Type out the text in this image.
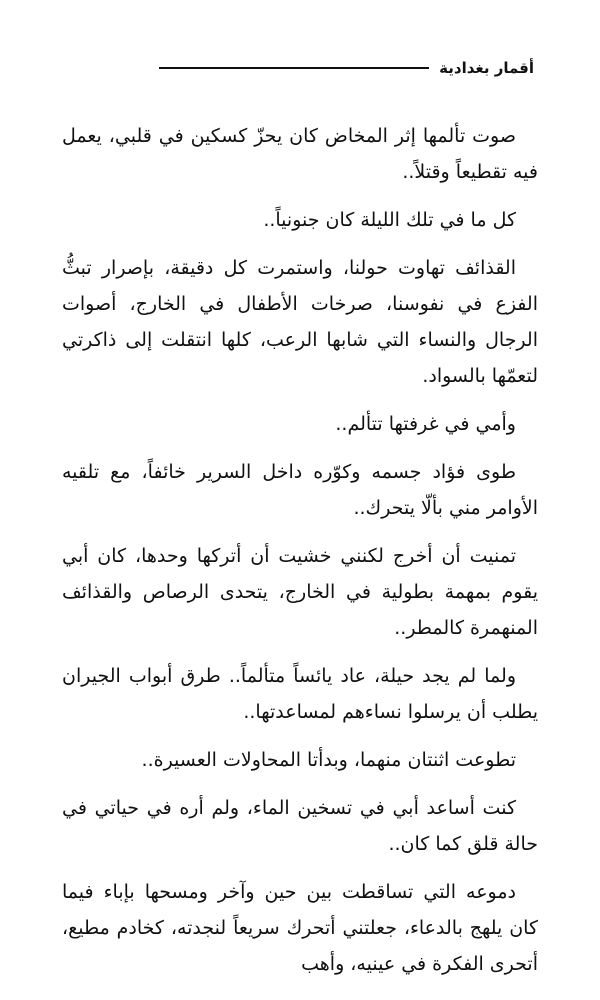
أقمار بغدادية

صوت تألمها إثر المخاض كان يحزّ كسكين في قلبي، يعمل فيه تقطيعاً وقتلاً..

كل ما في تلك الليلة كان جنونياً..

القذائف تهاوت حولنا، واستمرت كل دقيقة، بإصرار تبثُّ الفزع في نفوسنا، صرخات الأطفال في الخارج، أصوات الرجال والنساء التي شابها الرعب، كلها انتقلت إلى ذاكرتي لتعمّها بالسواد.

وأمي في غرفتها تتألم..

طوى فؤاد جسمه وكوّره داخل السرير خائفاً، مع تلقيه الأوامر مني بألّا يتحرك..

تمنيت أن أخرج لكنني خشيت أن أتركها وحدها، كان أبي يقوم بمهمة بطولية في الخارج، يتحدى الرصاص والقذائف المنهمرة كالمطر..

ولما لم يجد حيلة، عاد يائساً متألماً.. طرق أبواب الجيران يطلب أن يرسلوا نساءهم لمساعدتها..

تطوعت اثنتان منهما، وبدأتا المحاولات العسيرة..

كنت أساعد أبي في تسخين الماء، ولم أره في حياتي في حالة قلق كما كان..

دموعه التي تساقطت بين حين وآخر ومسحها بإباء فيما كان يلهج بالدعاء، جعلتني أتحرك سريعاً لنجدته، كخادم مطيع، أتحرى الفكرة في عينيه، وأهب
